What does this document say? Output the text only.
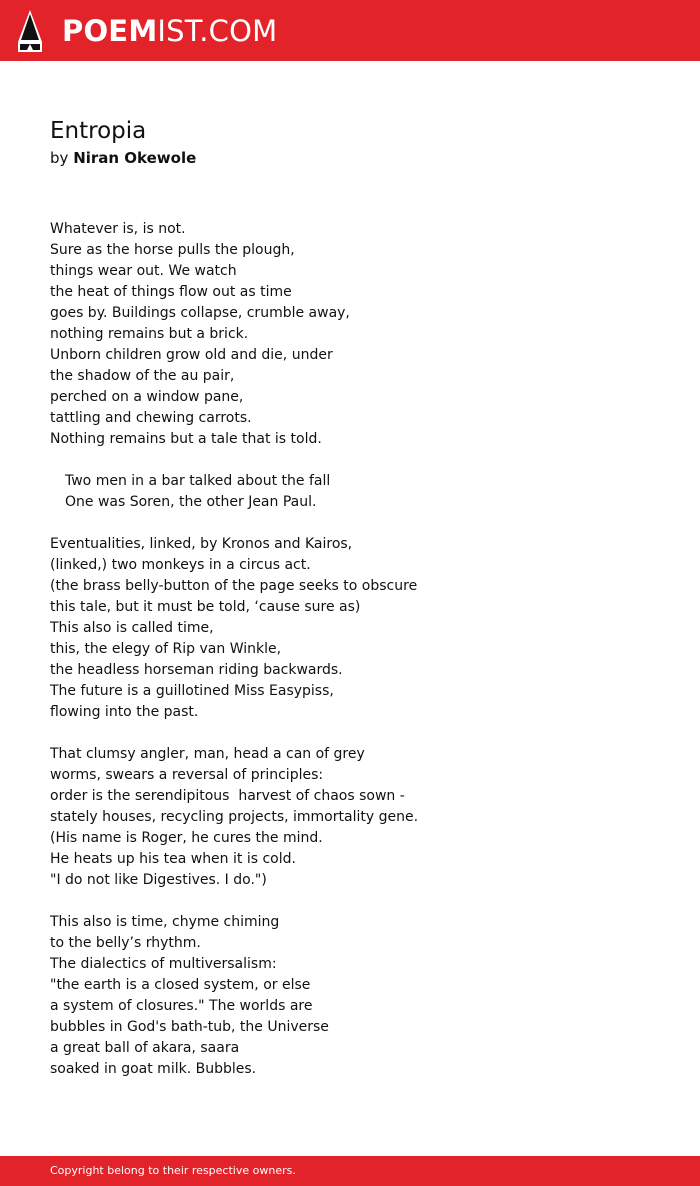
POEMIST.COM
Entropia
by Niran Okewole
Whatever is, is not.
Sure as the horse pulls the plough,
things wear out. We watch
the heat of things flow out as time
goes by. Buildings collapse, crumble away,
nothing remains but a brick.
Unborn children grow old and die, under
the shadow of the au pair,
perched on a window pane,
tattling and chewing carrots.
Nothing remains but a tale that is told.
Two men in a bar talked about the fall
One was Soren, the other Jean Paul.
Eventualities, linked, by Kronos and Kairos,
(linked,) two monkeys in a circus act.
(the brass belly-button of the page seeks to obscure
this tale, but it must be told, ‘cause sure as)
This also is called time,
this, the elegy of Rip van Winkle,
the headless horseman riding backwards.
The future is a guillotined Miss Easypiss,
flowing into the past.
That clumsy angler, man, head a can of grey
worms, swears a reversal of principles:
order is the serendipitous  harvest of chaos sown -
stately houses, recycling projects, immortality gene.
(His name is Roger, he cures the mind.
He heats up his tea when it is cold.
"I do not like Digestives. I do.")
This also is time, chyme chiming
to the belly’s rhythm.
The dialectics of multiversalism:
"the earth is a closed system, or else
a system of closures." The worlds are
bubbles in God's bath-tub, the Universe
a great ball of akara, saara
soaked in goat milk. Bubbles.
Copyright belong to their respective owners.
